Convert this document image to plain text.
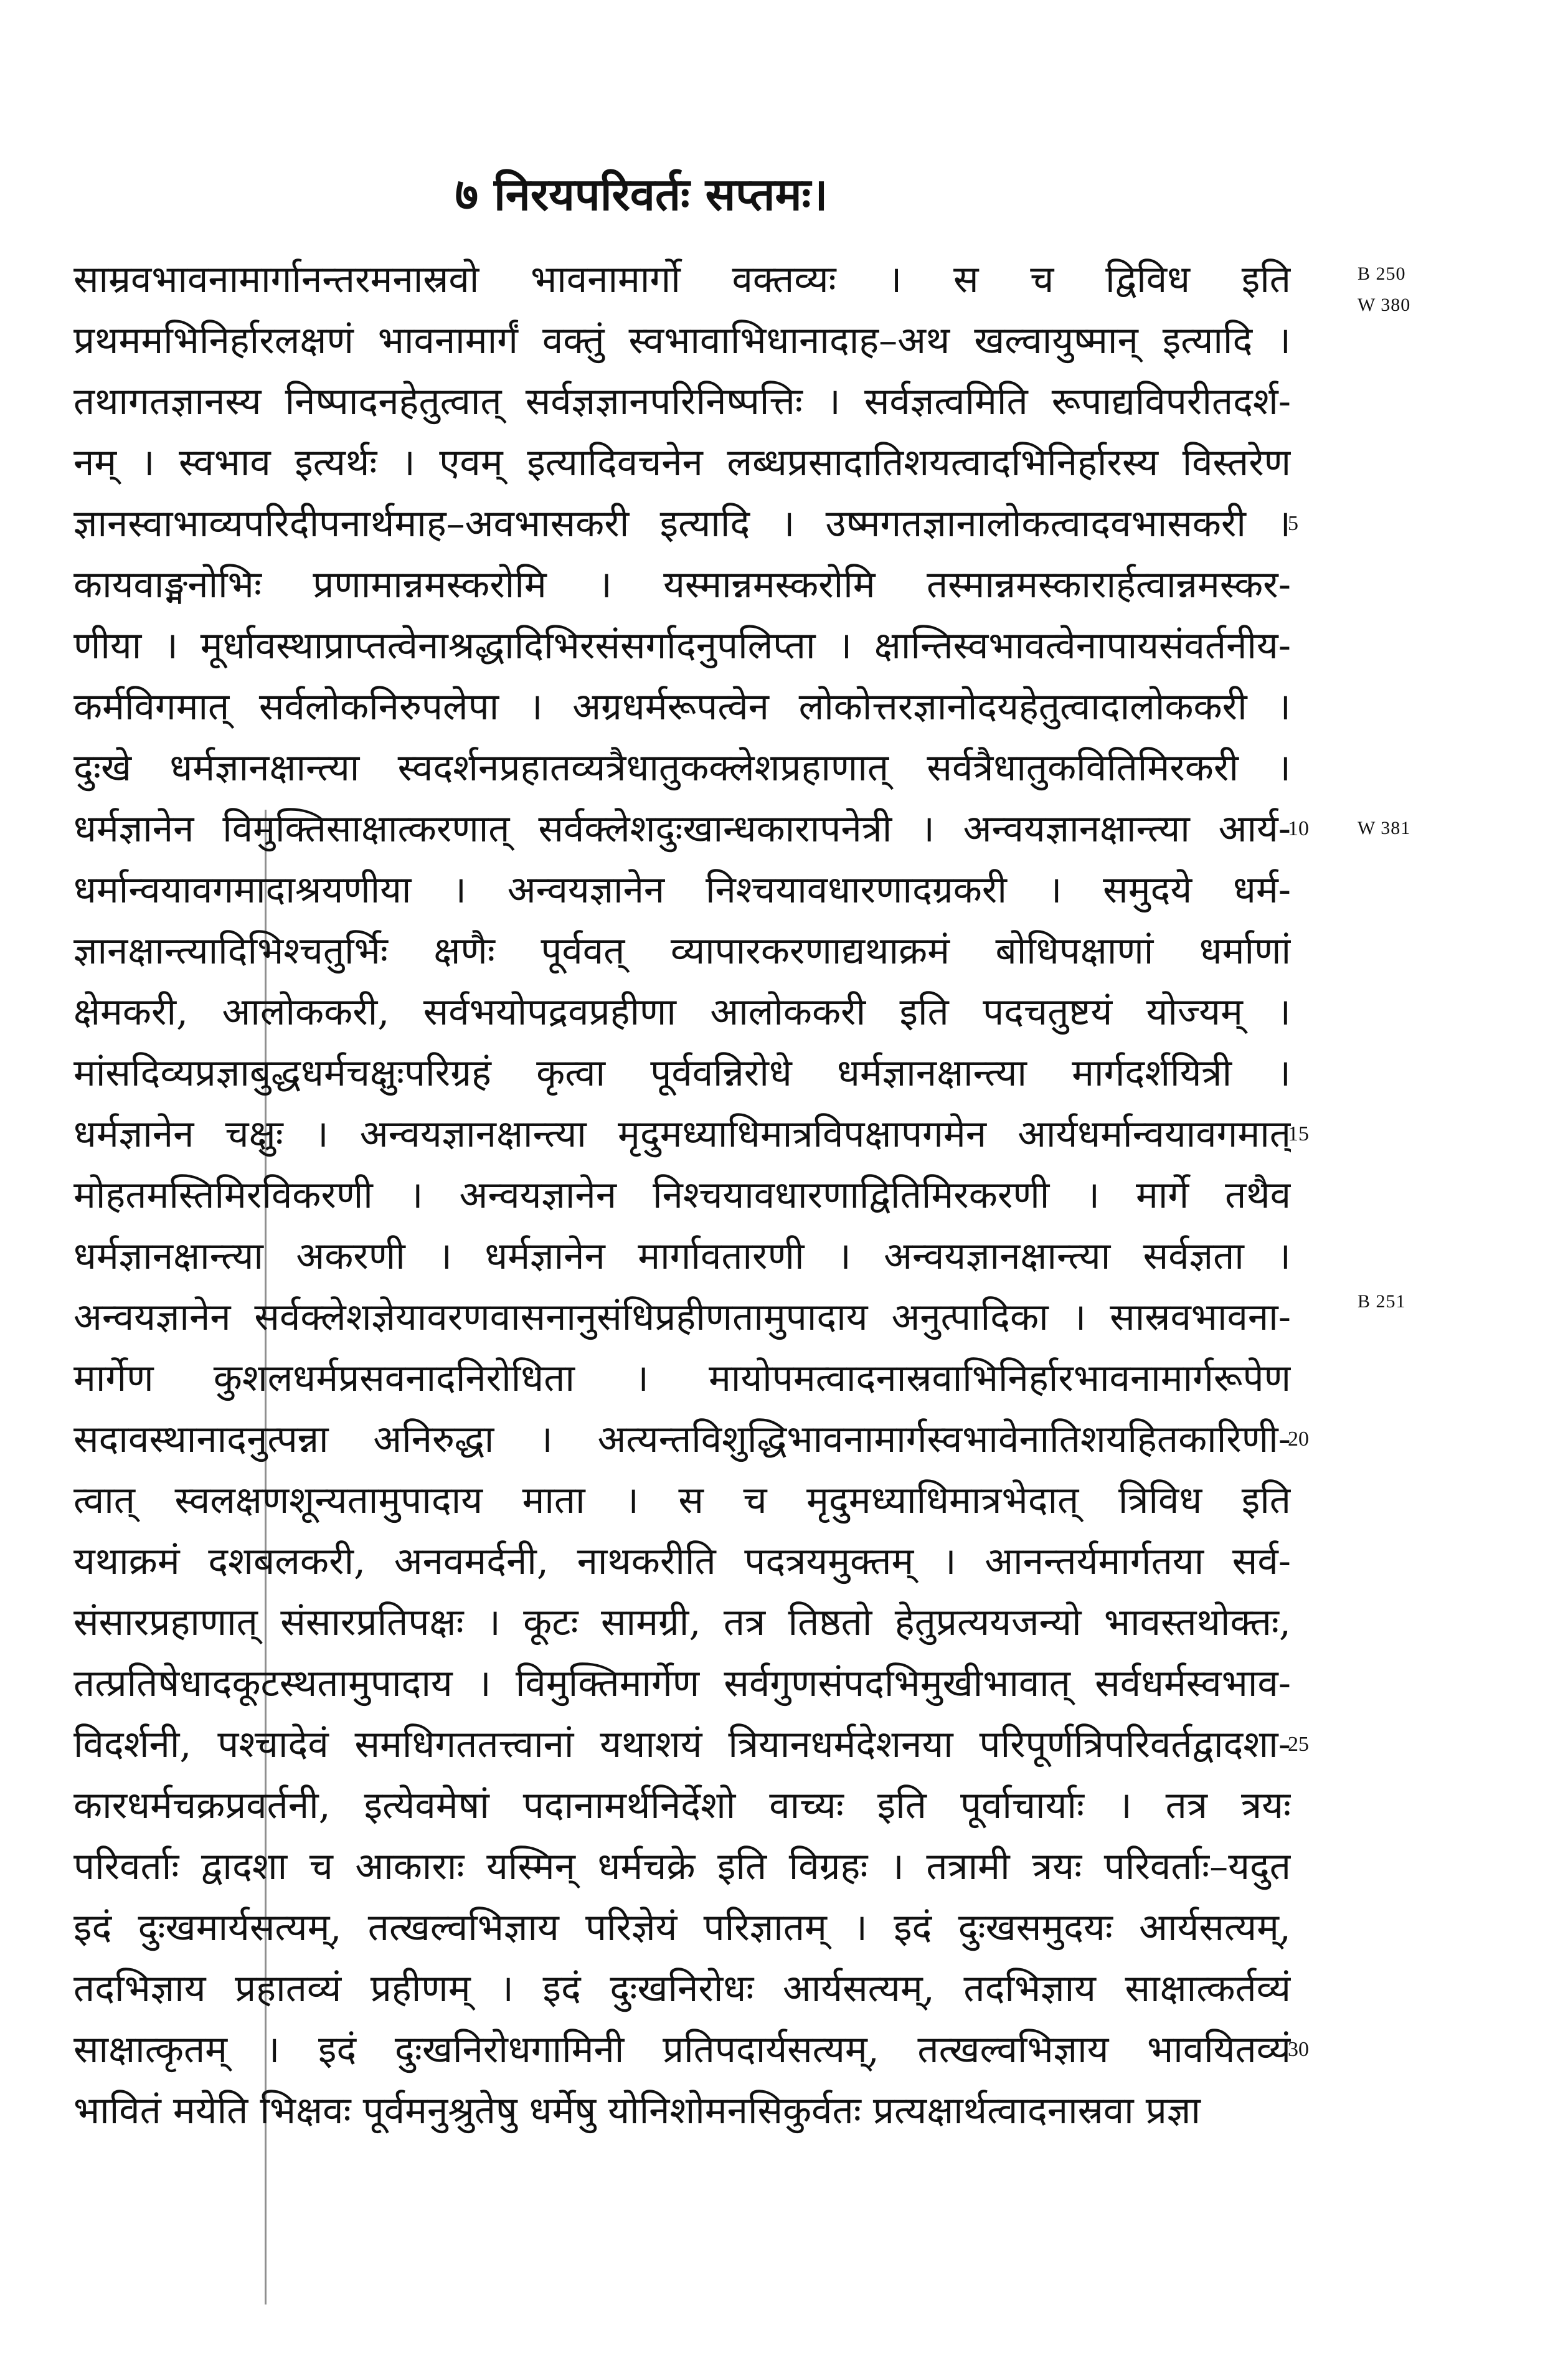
७ निरयपरिवर्तः सप्तमः।
साम्रवभावनामार्गानन्तरमनास्रवो भावनामार्गो वक्तव्यः । स च द्विविध इति
प्रथममभिनिर्हारलक्षणं भावनामार्गं वक्तुं स्वभावाभिधानादाह–अथ खल्वायुष्मान् इत्यादि ।
तथागतज्ञानस्य निष्पादनहेतुत्वात् सर्वज्ञज्ञानपरिनिष्पत्तिः । सर्वज्ञत्वमिति रूपाद्यविपरीतदर्श-
नम् । स्वभाव इत्यर्थः । एवम् इत्यादिवचनेन लब्धप्रसादातिशयत्वादभिनिर्हारस्य विस्तरेण
ज्ञानस्वाभाव्यपरिदीपनार्थमाह–अवभासकरी इत्यादि । उष्मगतज्ञानालोकत्वादवभासकरी ।
कायवाङ्मनोभिः प्रणामान्नमस्करोमि । यस्मान्नमस्करोमि तस्मान्नमस्कारार्हत्वान्नमस्कर-
णीया । मूर्धावस्थाप्राप्तत्वेनाश्रद्धादिभिरसंसर्गादनुपलिप्ता । क्षान्तिस्वभावत्वेनापायसंवर्तनीय-
कर्मविगमात् सर्वलोकनिरुपलेपा । अग्रधर्मरूपत्वेन लोकोत्तरज्ञानोदयहेतुत्वादालोककरी ।
दुःखे धर्मज्ञानक्षान्त्या स्वदर्शनप्रहातव्यत्रैधातुकक्लेशप्रहाणात् सर्वत्रैधातुकवितिमिरकरी ।
धर्मज्ञानेन विमुक्तिसाक्षात्करणात् सर्वक्लेशदुःखान्धकारापनेत्री । अन्वयज्ञानक्षान्त्या आर्य-
धर्मान्वयावगमादाश्रयणीया । अन्वयज्ञानेन निश्चयावधारणादग्रकरी । समुदये धर्म-
ज्ञानक्षान्त्यादिभिश्चतुर्भिः क्षणैः पूर्ववत् व्यापारकरणाद्यथाक्रमं बोधिपक्षाणां धर्माणां
क्षेमकरी, आलोककरी, सर्वभयोपद्रवप्रहीणा आलोककरी इति पदचतुष्टयं योज्यम् ।
मांसदिव्यप्रज्ञाबुद्धधर्मचक्षुःपरिग्रहं कृत्वा पूर्ववन्निरोधे धर्मज्ञानक्षान्त्या मार्गदर्शयित्री ।
धर्मज्ञानेन चक्षुः । अन्वयज्ञानक्षान्त्या मृदुमध्याधिमात्रविपक्षापगमेन आर्यधर्मान्वयावगमात्
मोहतमस्तिमिरविकरणी । अन्वयज्ञानेन निश्चयावधारणाद्वितिमिरकरणी । मार्गे तथैव
धर्मज्ञानक्षान्त्या अकरणी । धर्मज्ञानेन मार्गावतारणी । अन्वयज्ञानक्षान्त्या सर्वज्ञता ।
अन्वयज्ञानेन सर्वक्लेशज्ञेयावरणवासनानुसंधिप्रहीणतामुपादाय अनुत्पादिका । सास्रवभावना-
मार्गेण कुशलधर्मप्रसवनादनिरोधिता । मायोपमत्वादनास्रवाभिनिर्हारभावनामार्गरूपेण
सदावस्थानादनुत्पन्ना अनिरुद्धा । अत्यन्तविशुद्धिभावनामार्गस्वभावेनातिशयहितकारिणी-
त्वात् स्वलक्षणशून्यतामुपादाय माता । स च मृदुमध्याधिमात्रभेदात् त्रिविध इति
यथाक्रमं दशबलकरी, अनवमर्दनी, नाथकरीति पदत्रयमुक्तम् । आनन्तर्यमार्गतया सर्व-
संसारप्रहाणात् संसारप्रतिपक्षः । कूटः सामग्री, तत्र तिष्ठतो हेतुप्रत्ययजन्यो भावस्तथोक्तः,
तत्प्रतिषेधादकूटस्थतामुपादाय । विमुक्तिमार्गेण सर्वगुणसंपदभिमुखीभावात् सर्वधर्मस्वभाव-
विदर्शनी, पश्चादेवं समधिगततत्त्वानां यथाशयं त्रियानधर्मदेशनया परिपूर्णत्रिपरिवर्तद्वादशा-
कारधर्मचक्रप्रवर्तनी, इत्येवमेषां पदानामर्थनिर्देशो वाच्यः इति पूर्वाचार्याः । तत्र त्रयः
परिवर्ताः द्वादशा च आकाराः यस्मिन् धर्मचक्रे इति विग्रहः । तत्रामी त्रयः परिवर्ताः–यदुत
इदं दुःखमार्यसत्यम्, तत्खल्वभिज्ञाय परिज्ञेयं परिज्ञातम् । इदं दुःखसमुदयः आर्यसत्यम्,
तदभिज्ञाय प्रहातव्यं प्रहीणम् । इदं दुःखनिरोधः आर्यसत्यम्, तदभिज्ञाय साक्षात्कर्तव्यं
साक्षात्कृतम् । इदं दुःखनिरोधगामिनी प्रतिपदार्यसत्यम्, तत्खल्वभिज्ञाय भावयितव्यं
भावितं मयेति भिक्षवः पूर्वमनुश्रुतेषु धर्मेषु योनिशोमनसिकुर्वतः प्रत्यक्षार्थत्वादनास्रवा प्रज्ञा
5
10
15
20
25
30
B 250
W 380
W 381
B 251
